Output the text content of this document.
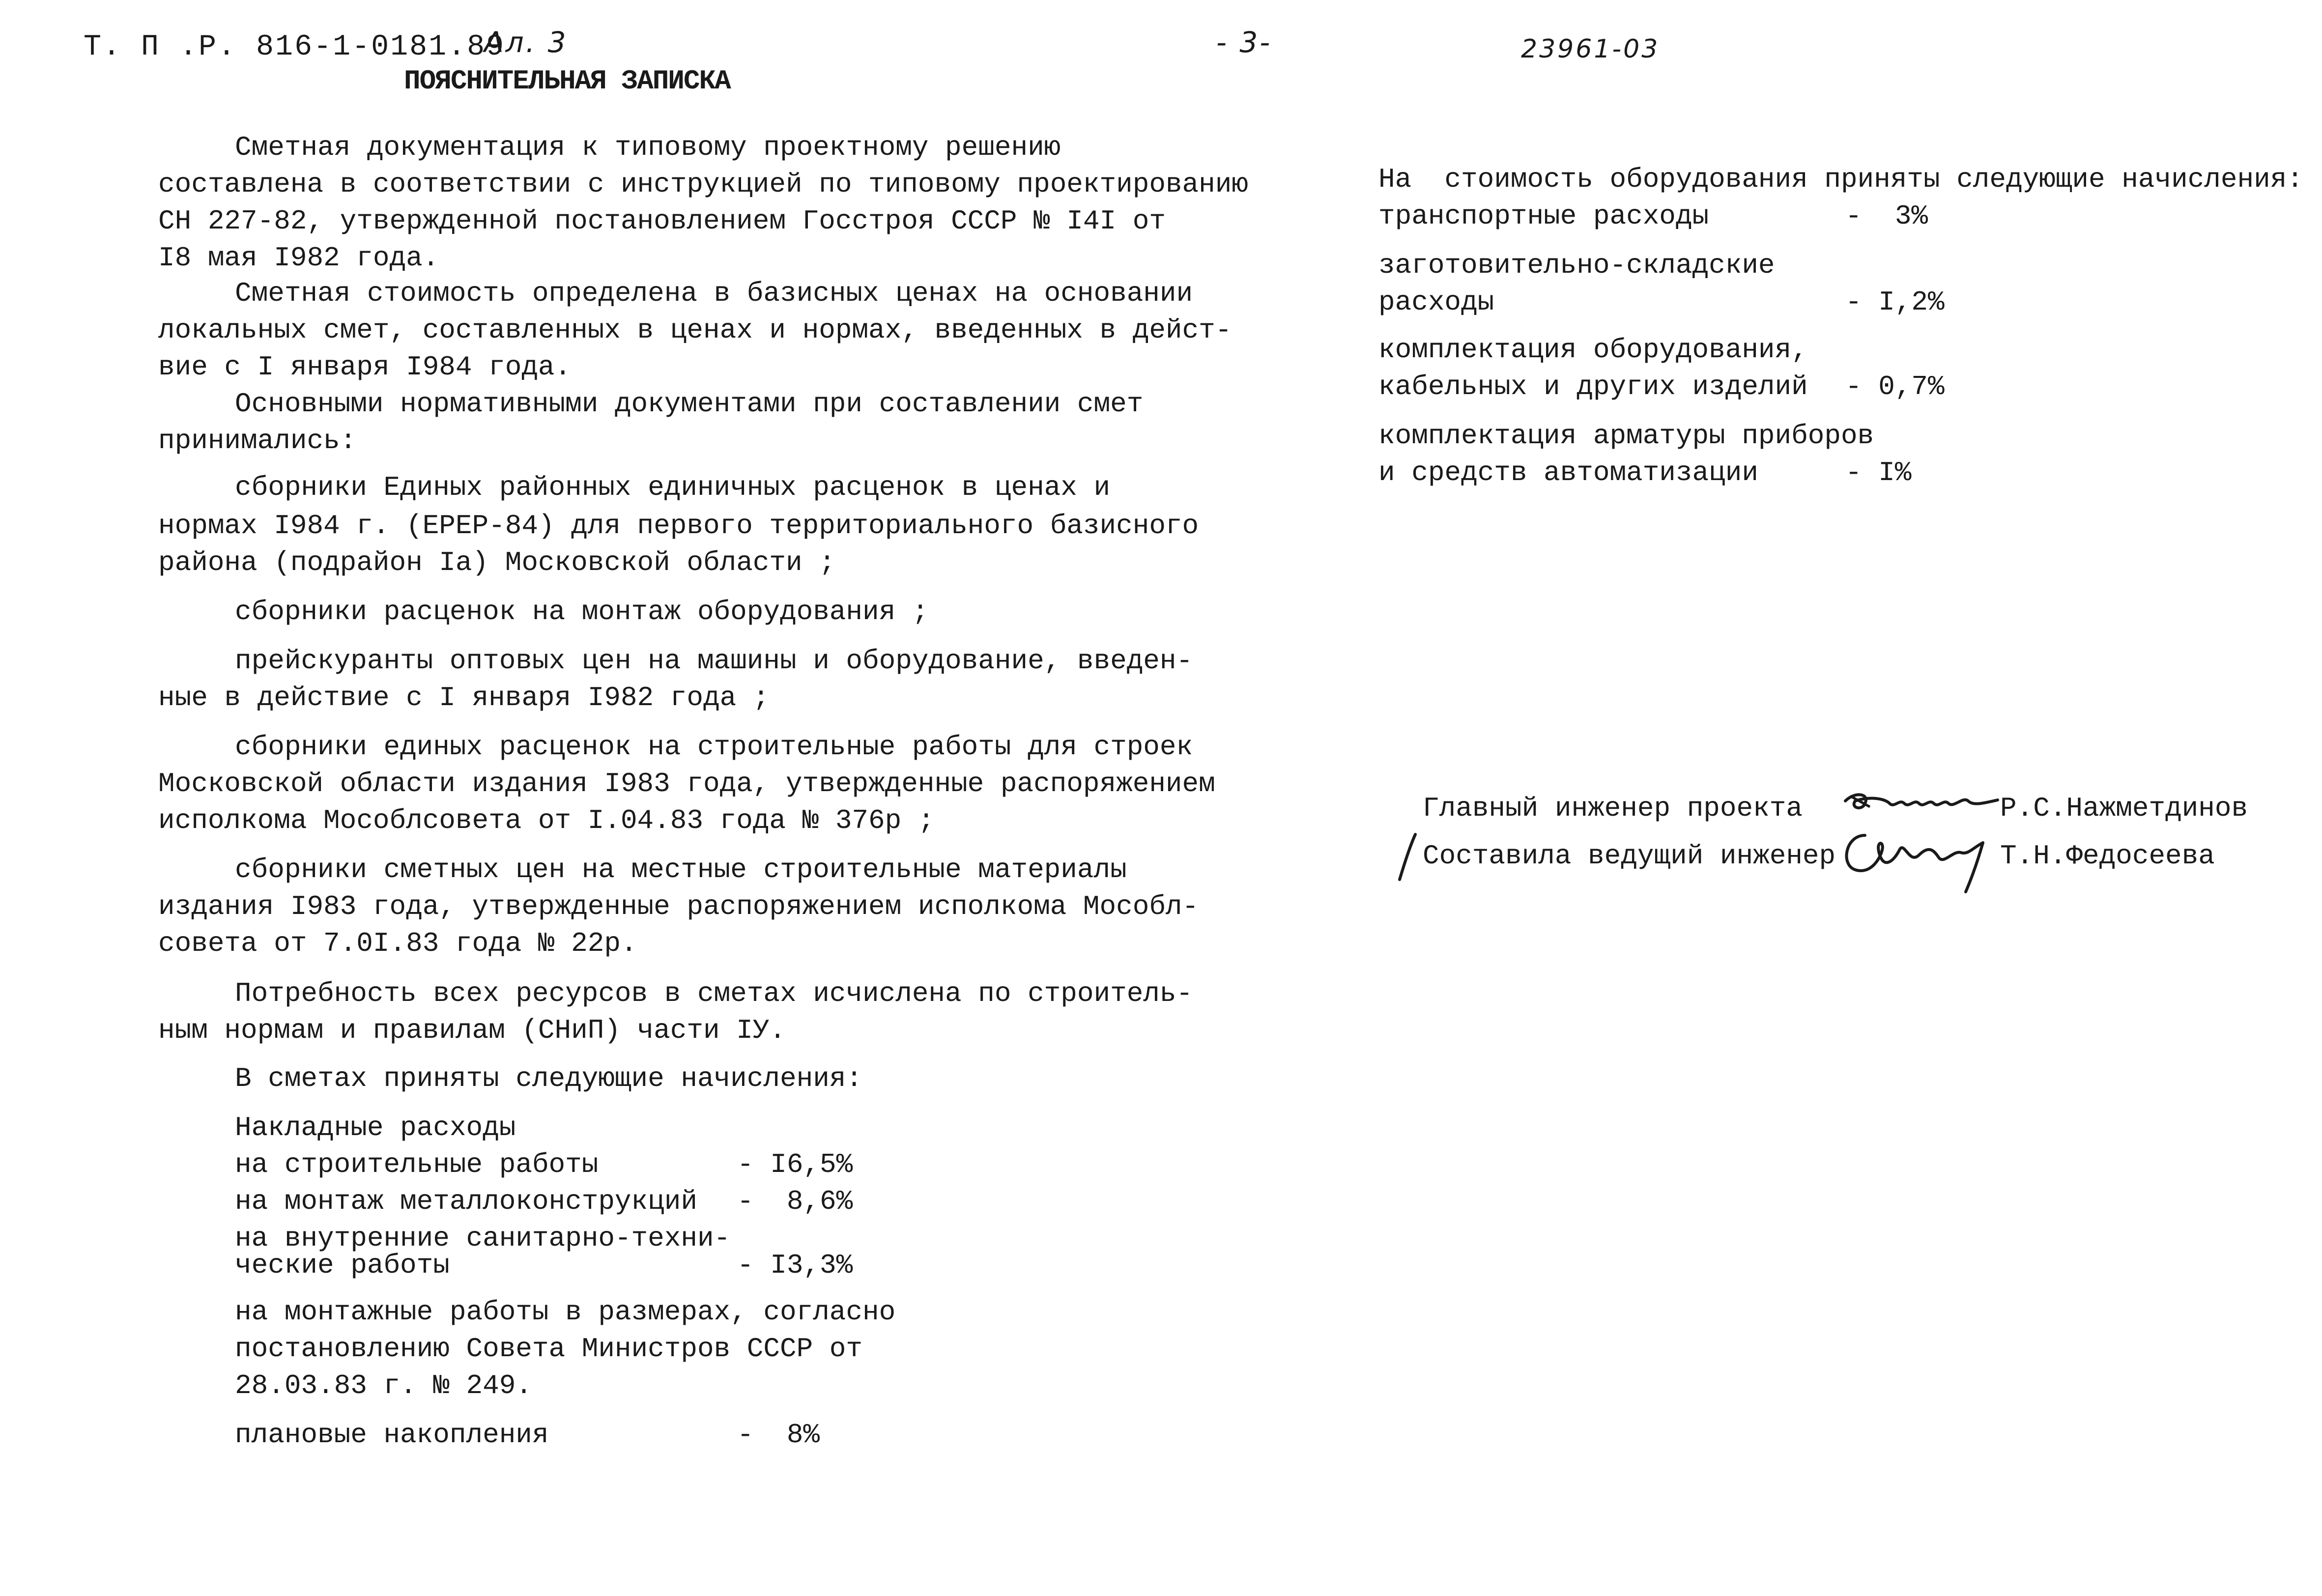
Т. П .Р. 816-1-0181.89
Ал. 3	- 3-	23961-03
ПОЯСНИТЕЛЬНАЯ ЗАПИСКА
Сметная документация к типовому проектному решению
составлена в соответствии с инструкцией по типовому проектированию
СН 227-82, утвержденной постановлением Госстроя СССР № I4I от
I8 мая I982 года.
Сметная стоимость определена в базисных ценах на основании
локальных смет, составленных в ценах и нормах, введенных в дейст-
вие с I января I984 года.
Основными нормативными документами при составлении смет
принимались:
сборники Единых районных единичных расценок в ценах и
нормах I984 г. (ЕРЕР-84) для первого территориального базисного
района (подрайон Iа) Московской области ;
сборники расценок на монтаж оборудования ;
прейскуранты оптовых цен на машины и оборудование, введен-
ные в действие с I января I982 года ;
сборники единых расценок на строительные работы для строек
Московской области издания I983 года, утвержденные распоряжением
исполкома Мособлсовета от I.04.83 года № 376р ;
сборники сметных цен на местные строительные материалы
издания I983 года, утвержденные распоряжением исполкома Мособл-
совета от 7.0I.83 года № 22р.
Потребность всех ресурсов в сметах исчислена по строитель-
ным нормам и правилам (СНиП) части IУ.
В сметах приняты следующие начисления:
Накладные расходы
на строительные работы	- I6,5%
на монтаж металлоконструкций -  8,6%
на внутренние санитарно-техни-
ческие работы	- I3,3%
на монтажные работы в размерах, согласно
постановлению Совета Министров СССР от
28.03.83 г. № 249.
плановые накопления	-  8%
На  стоимость оборудования приняты следующие начисления:
транспортные расходы	-  3%
заготовительно-складские
расходы	- I,2%
комплектация оборудования,
кабельных и других изделий - 0,7%
комплектация арматуры приборов
и средств автоматизации	- I%
Главный инженер проекта	Р.С.Нажметдинов
Составила ведущий инженер	Т.Н.Федосеева
